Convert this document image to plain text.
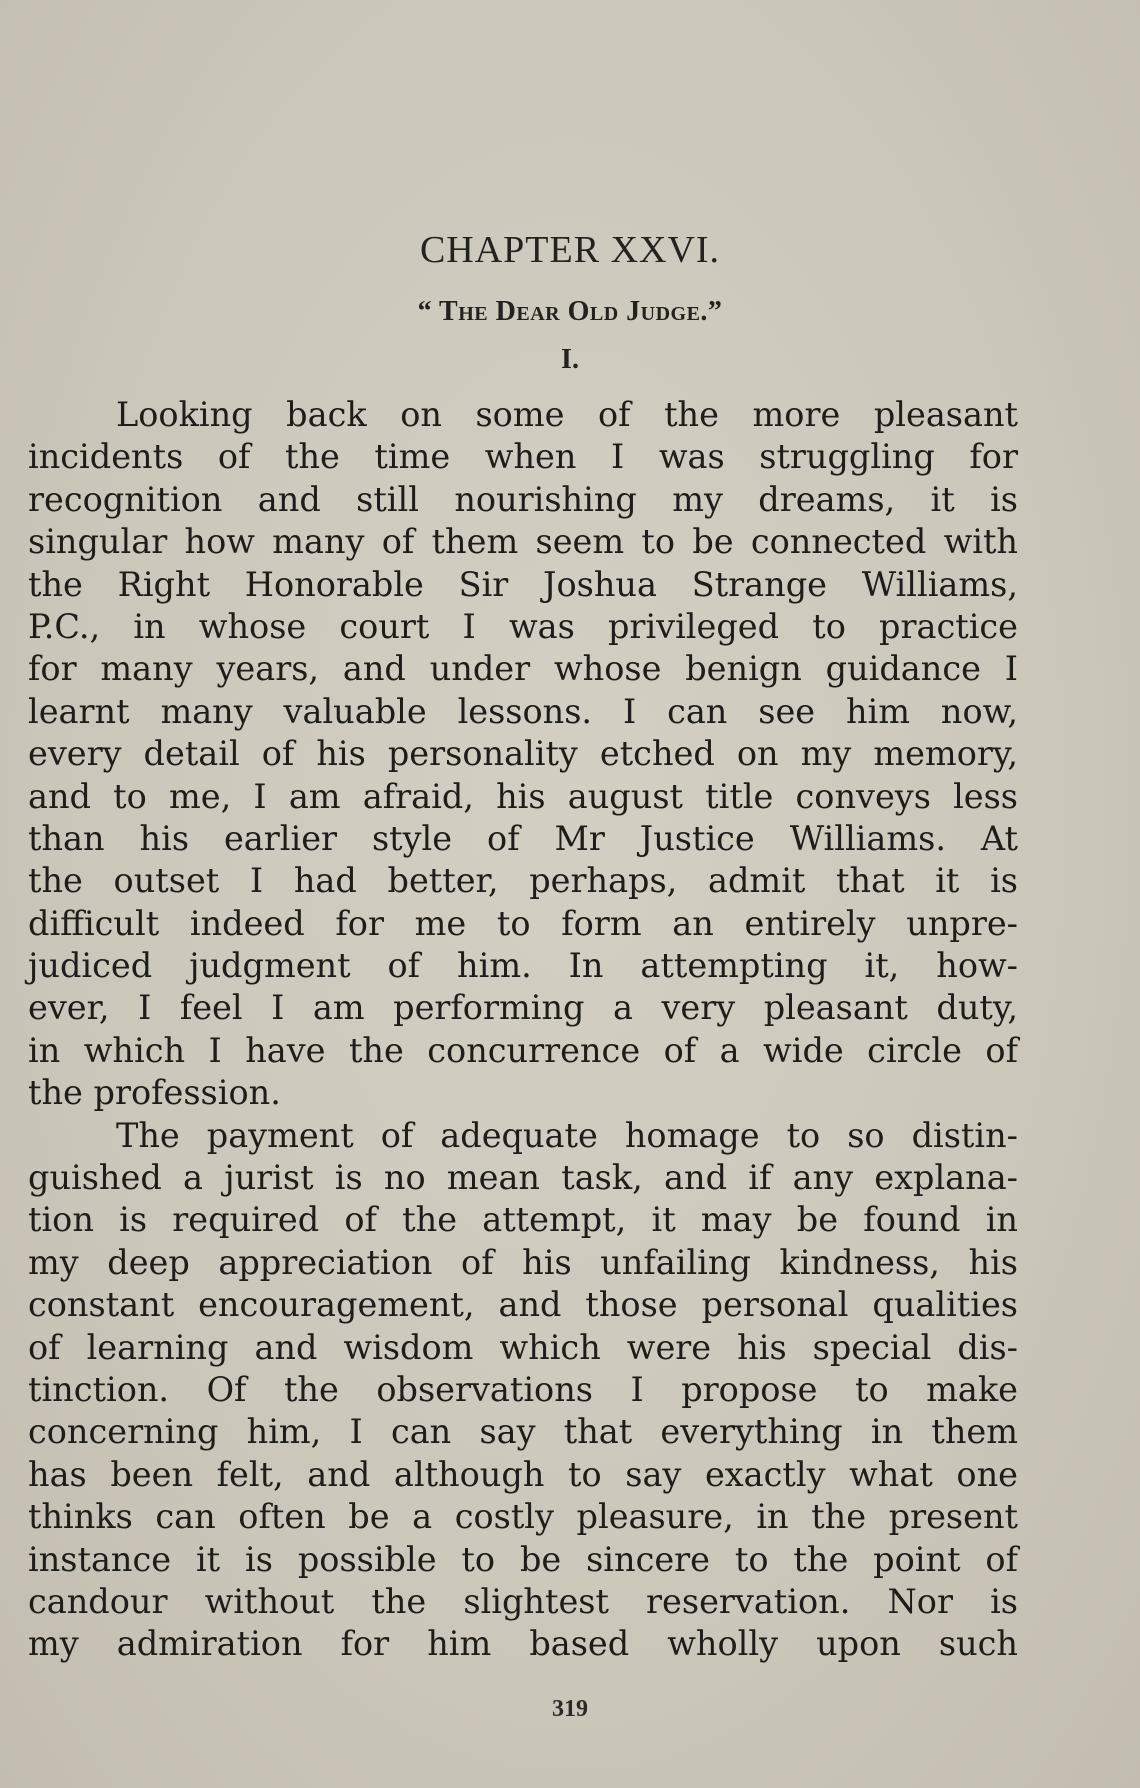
CHAPTER XXVI.
“ The Dear Old Judge.”
I.
Looking back on some of the more pleasant
incidents of the time when I was struggling for
recognition and still nourishing my dreams, it is
singular how many of them seem to be connected with
the Right Honorable Sir Joshua Strange Williams,
P.C., in whose court I was privileged to practice
for many years, and under whose benign guidance I
learnt many valuable lessons. I can see him now,
every detail of his personality etched on my memory,
and to me, I am afraid, his august title conveys less
than his earlier style of Mr Justice Williams. At
the outset I had better, perhaps, admit that it is
difficult indeed for me to form an entirely unpre-
judiced judgment of him. In attempting it, how-
ever, I feel I am performing a very pleasant duty,
in which I have the concurrence of a wide circle of
the profession.
The payment of adequate homage to so distin-
guished a jurist is no mean task, and if any explana-
tion is required of the attempt, it may be found in
my deep appreciation of his unfailing kindness, his
constant encouragement, and those personal qualities
of learning and wisdom which were his special dis-
tinction. Of the observations I propose to make
concerning him, I can say that everything in them
has been felt, and although to say exactly what one
thinks can often be a costly pleasure, in the present
instance it is possible to be sincere to the point of
candour without the slightest reservation. Nor is
my admiration for him based wholly upon such
319
